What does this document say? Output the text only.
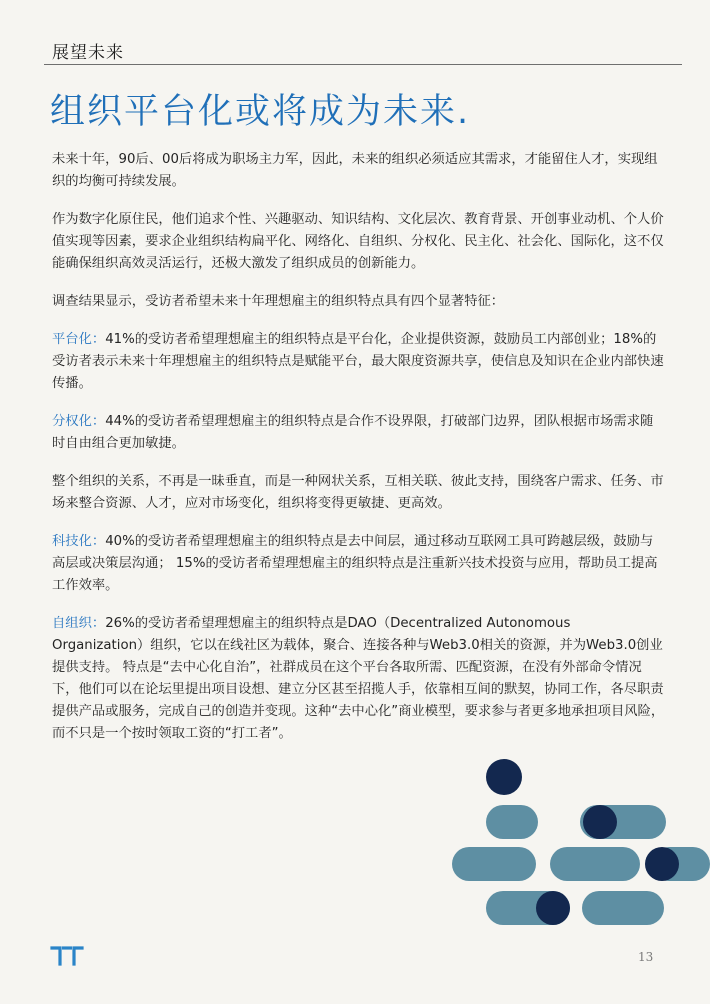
展望未来
组织平台化或将成为未来.

未来十年，90后、00后将成为职场主力军，因此，未来的组织必须适应其需求，才能留住人才，实现组织的均衡可持续发展。

作为数字化原住民，他们追求个性、兴趣驱动、知识结构、文化层次、教育背景、开创事业动机、个人价值实现等因素，要求企业组织结构扁平化、网络化、自组织、分权化、民主化、社会化、国际化，这不仅能确保组织高效灵活运行，还极大激发了组织成员的创新能力。

调查结果显示，受访者希望未来十年理想雇主的组织特点具有四个显著特征：

平台化：41%的受访者希望理想雇主的组织特点是平台化，企业提供资源，鼓励员工内部创业；18%的受访者表示未来十年理想雇主的组织特点是赋能平台，最大限度资源共享，使信息及知识在企业内部快速传播。

分权化：44%的受访者希望理想雇主的组织特点是合作不设界限，打破部门边界，团队根据市场需求随时自由组合更加敏捷。

整个组织的关系，不再是一昧垂直，而是一种网状关系，互相关联、彼此支持，围绕客户需求、任务、市场来整合资源、人才，应对市场变化，组织将变得更敏捷、更高效。

科技化：40%的受访者希望理想雇主的组织特点是去中间层，通过移动互联网工具可跨越层级，鼓励与高层或决策层沟通； 15%的受访者希望理想雇主的组织特点是注重新兴技术投资与应用，帮助员工提高工作效率。

自组织：26%的受访者希望理想雇主的组织特点是DAO（Decentralized Autonomous Organization）组织，它以在线社区为载体，聚合、连接各种与Web3.0相关的资源，并为Web3.0创业提供支持。 特点是“去中心化自治”，社群成员在这个平台各取所需、匹配资源，在没有外部命令情况下，他们可以在论坛里提出项目设想、建立分区甚至招揽人手，依靠相互间的默契，协同工作，各尽职责提供产品或服务，完成自己的创造并变现。这种“去中心化”商业模型，要求参与者更多地承担项目风险，而不只是一个按时领取工资的“打工者”。

13
